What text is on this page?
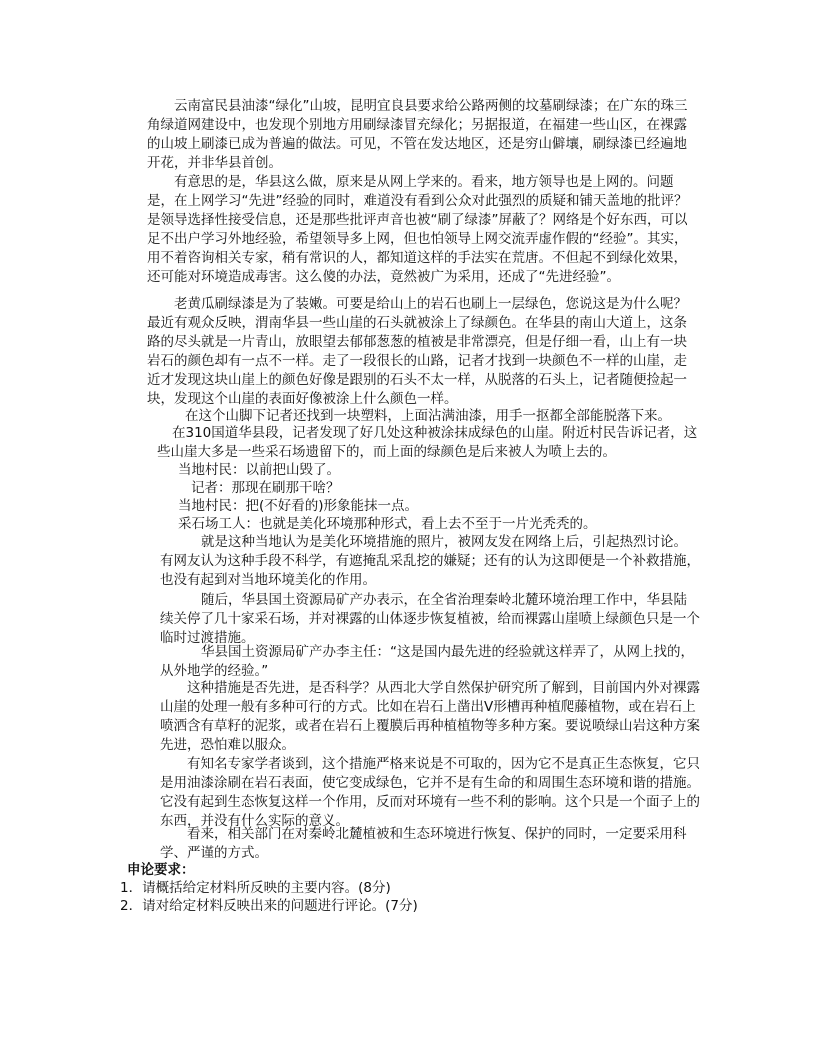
云南富民县油漆“绿化”山坡，昆明宜良县要求给公路两侧的坟墓刷绿漆；在广东的珠三角绿道网建设中，也发现个别地方用刷绿漆冒充绿化；另据报道，在福建一些山区，在裸露的山坡上刷漆已成为普遍的做法。可见，不管在发达地区，还是穷山僻壤，刷绿漆已经遍地开花，并非华县首创。

有意思的是，华县这么做，原来是从网上学来的。看来，地方领导也是上网的。问题是，在上网学习“先进”经验的同时，难道没有看到公众对此强烈的质疑和铺天盖地的批评？是领导选择性接受信息，还是那些批评声音也被“刷了绿漆”屏蔽了？网络是个好东西，可以足不出户学习外地经验，希望领导多上网，但也怕领导上网交流弄虚作假的“经验”。其实，用不着咨询相关专家，稍有常识的人，都知道这样的手法实在荒唐。不但起不到绿化效果，还可能对环境造成毒害。这么傻的办法，竟然被广为采用，还成了“先进经验”。

老黄瓜刷绿漆是为了装嫩。可要是给山上的岩石也刷上一层绿色，您说这是为什么呢？最近有观众反映，渭南华县一些山崖的石头就被涂上了绿颜色。在华县的南山大道上，这条路的尽头就是一片青山，放眼望去郁郁葱葱的植被是非常漂亮，但是仔细一看，山上有一块岩石的颜色却有一点不一样。走了一段很长的山路，记者才找到一块颜色不一样的山崖，走近才发现这块山崖上的颜色好像是跟别的石头不太一样，从脱落的石头上，记者随便捡起一块，发现这个山崖的表面好像被涂上什么颜色一样。

在这个山脚下记者还找到一块塑料，上面沾满油漆，用手一抠都全部能脱落下来。

在310国道华县段，记者发现了好几处这种被涂抹成绿色的山崖。附近村民告诉记者，这些山崖大多是一些采石场遗留下的，而上面的绿颜色是后来被人为喷上去的。

当地村民：以前把山毁了。

记者：那现在刷那干啥？

当地村民：把(不好看的)形象能抹一点。

采石场工人：也就是美化环境那种形式，看上去不至于一片光秃秃的。

就是这种当地认为是美化环境措施的照片，被网友发在网络上后，引起热烈讨论。有网友认为这种手段不科学，有遮掩乱采乱挖的嫌疑；还有的认为这即便是一个补救措施，也没有起到对当地环境美化的作用。

随后，华县国土资源局矿产办表示，在全省治理秦岭北麓环境治理工作中，华县陆续关停了几十家采石场，并对裸露的山体逐步恢复植被，给而裸露山崖喷上绿颜色只是一个临时过渡措施。

华县国土资源局矿产办李主任：“这是国内最先进的经验就这样弄了，从网上找的，从外地学的经验。”

这种措施是否先进，是否科学？从西北大学自然保护研究所了解到，目前国内外对裸露山崖的处理一般有多种可行的方式。比如在岩石上凿出V形槽再种植爬藤植物，或在岩石上喷洒含有草籽的泥浆，或者在岩石上覆膜后再种植植物等多种方案。要说喷绿山岩这种方案先进，恐怕难以服众。

有知名专家学者谈到，这个措施严格来说是不可取的，因为它不是真正生态恢复，它只是用油漆涂刷在岩石表面，使它变成绿色，它并不是有生命的和周围生态环境和谐的措施。它没有起到生态恢复这样一个作用，反而对环境有一些不利的影响。这个只是一个面子上的东西，并没有什么实际的意义。

看来，相关部门在对秦岭北麓植被和生态环境进行恢复、保护的同时，一定要采用科学、严谨的方式。

申论要求：

1．请概括给定材料所反映的主要内容。(8分)

2．请对给定材料反映出来的问题进行评论。(7分)
